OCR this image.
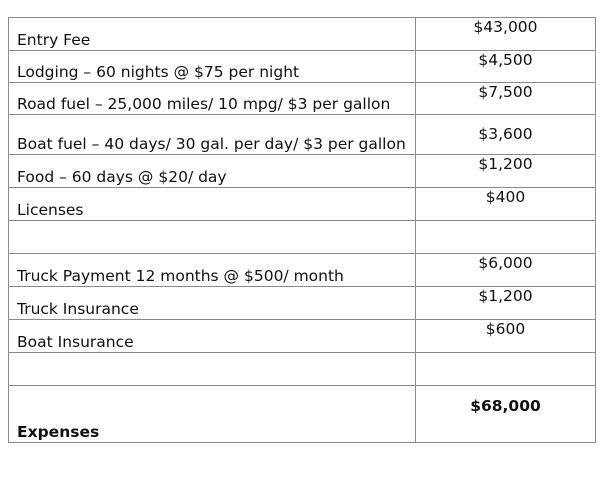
Entry Fee	$43,000
Lodging – 60 nights @ $75 per night	$4,500
Road fuel – 25,000 miles/ 10 mpg/ $3 per gallon	$7,500
Boat fuel – 40 days/ 30 gal. per day/ $3 per gallon	$3,600
Food – 60 days @ $20/ day	$1,200
Licenses	$400

Truck Payment 12 months @ $500/ month	$6,000
Truck Insurance	$1,200
Boat Insurance	$600

Expenses	$68,000
